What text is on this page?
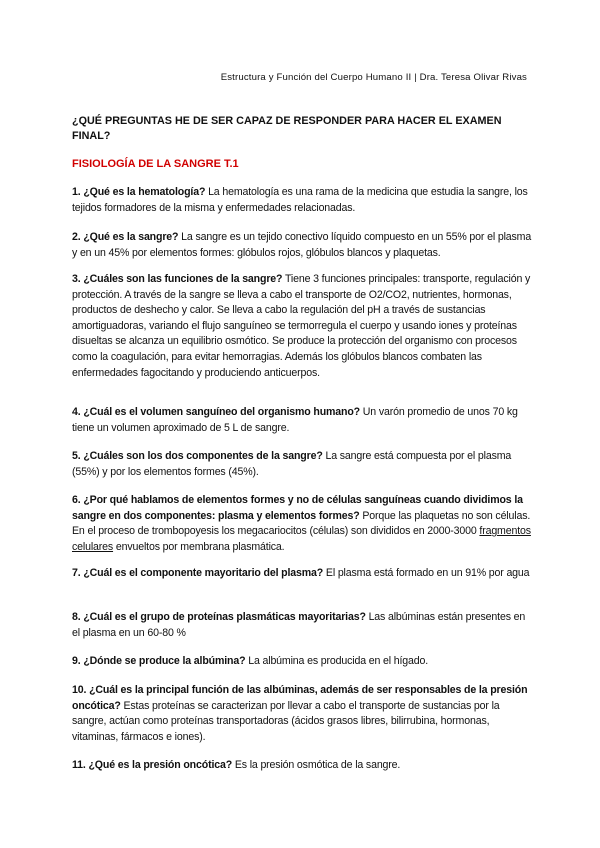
Estructura y Función del Cuerpo Humano II | Dra. Teresa Olivar Rivas
¿QUÉ PREGUNTAS HE DE SER CAPAZ DE RESPONDER PARA HACER EL EXAMEN FINAL?
FISIOLOGÍA DE LA SANGRE T.1

1. ¿Qué es la hematología? La hematología es una rama de la medicina que estudia la sangre, los tejidos formadores de la misma y enfermedades relacionadas.

2. ¿Qué es la sangre? La sangre es un tejido conectivo líquido compuesto en un 55% por el plasma y en un 45% por elementos formes: glóbulos rojos, glóbulos blancos y plaquetas.

3. ¿Cuáles son las funciones de la sangre? Tiene 3 funciones principales: transporte, regulación y protección. A través de la sangre se lleva a cabo el transporte de O2/CO2, nutrientes, hormonas, productos de deshecho y calor. Se lleva a cabo la regulación del pH a través de sustancias amortiguadoras, variando el flujo sanguíneo se termorregula el cuerpo y usando iones y proteínas disueltas se alcanza un equilibrio osmótico. Se produce la protección del organismo con procesos como la coagulación, para evitar hemorragias. Además los glóbulos blancos combaten las enfermedades fagocitando y produciendo anticuerpos.

4. ¿Cuál es el volumen sanguíneo del organismo humano? Un varón promedio de unos 70 kg tiene un volumen aproximado de 5 L de sangre.

5. ¿Cuáles son los dos componentes de la sangre? La sangre está compuesta por el plasma (55%) y por los elementos formes (45%).

6. ¿Por qué hablamos de elementos formes y no de células sanguíneas cuando dividimos la sangre en dos componentes: plasma y elementos formes? Porque las plaquetas no son células. En el proceso de trombopoyesis los megacariocitos (células) son divididos en 2000-3000 fragmentos celulares envueltos por membrana plasmática.

7. ¿Cuál es el componente mayoritario del plasma? El plasma está formado en un 91% por agua

8. ¿Cuál es el grupo de proteínas plasmáticas mayoritarias? Las albúminas están presentes en el plasma en un 60-80 %

9. ¿Dónde se produce la albúmina? La albúmina es producida en el hígado.

10. ¿Cuál es la principal función de las albúminas, además de ser responsables de la presión oncótica? Estas proteínas se caracterizan por llevar a cabo el transporte de sustancias por la sangre, actúan como proteínas transportadoras (ácidos grasos libres, bilirrubina, hormonas, vitaminas, fármacos e iones).

11. ¿Qué es la presión oncótica? Es la presión osmótica de la sangre.
